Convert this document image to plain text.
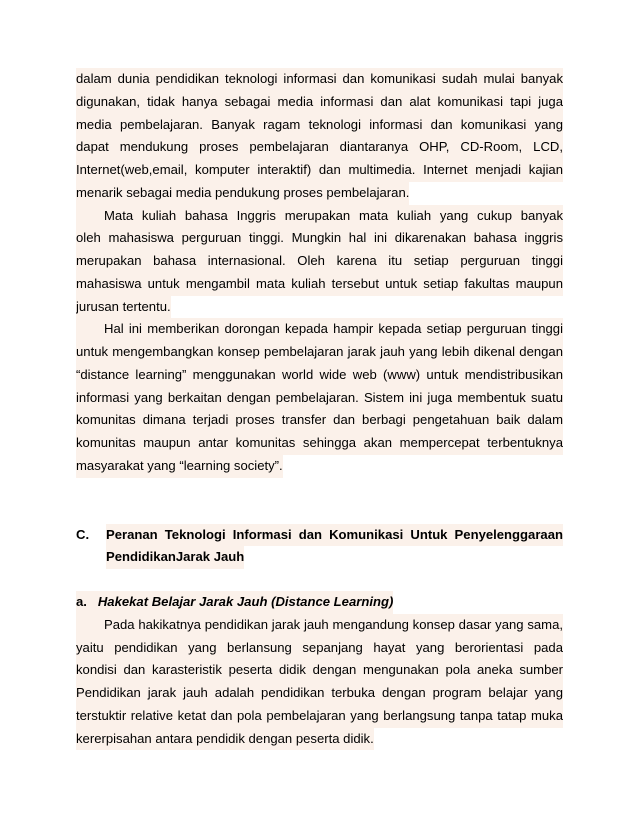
dalam dunia pendidikan teknologi informasi dan komunikasi sudah mulai banyak
digunakan, tidak hanya sebagai media informasi dan alat komunikasi tapi juga
media pembelajaran. Banyak ragam teknologi informasi dan komunikasi yang
dapat mendukung proses pembelajaran diantaranya OHP, CD-Room, LCD,
Internet(web,email, komputer interaktif) dan multimedia. Internet menjadi kajian
menarik sebagai media pendukung proses pembelajaran.
Mata kuliah bahasa Inggris merupakan mata kuliah yang cukup banyak
oleh mahasiswa perguruan tinggi. Mungkin hal ini dikarenakan bahasa inggris
merupakan bahasa internasional. Oleh karena itu setiap perguruan tinggi
mahasiswa untuk mengambil mata kuliah tersebut untuk setiap fakultas maupun
jurusan tertentu.
Hal ini memberikan dorongan kepada hampir kepada setiap perguruan tinggi
untuk mengembangkan konsep pembelajaran jarak jauh yang lebih dikenal dengan
“distance learning” menggunakan world wide web (www) untuk mendistribusikan
informasi yang berkaitan dengan pembelajaran. Sistem ini juga membentuk suatu
komunitas dimana terjadi proses transfer dan berbagi pengetahuan baik dalam
komunitas maupun antar komunitas sehingga akan mempercepat terbentuknya
masyarakat yang “learning society”.
C. Peranan Teknologi Informasi dan Komunikasi Untuk Penyelenggaraan
PendidikanJarak Jauh
a. Hakekat Belajar Jarak Jauh (Distance Learning)
Pada hakikatnya pendidikan jarak jauh mengandung konsep dasar yang sama,
yaitu pendidikan yang berlansung sepanjang hayat yang berorientasi pada
kondisi dan karasteristik peserta didik dengan mengunakan pola aneka sumber
Pendidikan jarak jauh adalah pendidikan terbuka dengan program belajar yang
terstuktir relative ketat dan pola pembelajaran yang berlangsung tanpa tatap muka
kererpisahan antara pendidik dengan peserta didik.
